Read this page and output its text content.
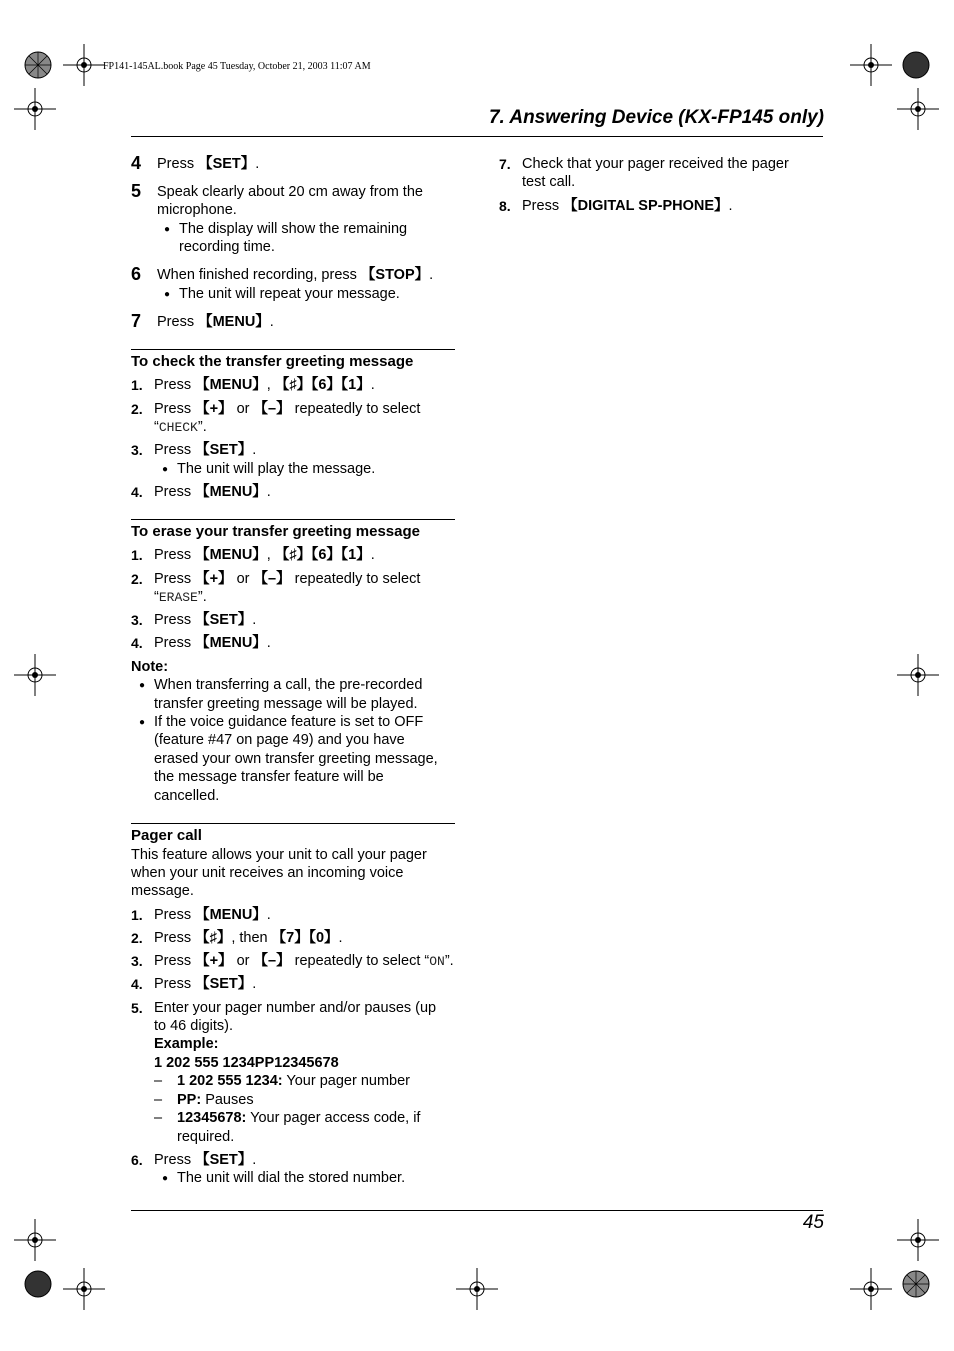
FP141-145AL.book Page 45 Tuesday, October 21, 2003 11:07 AM
7. Answering Device (KX-FP145 only)
4 Press 【SET】.
5 Speak clearly about 20 cm away from the
microphone.
● The display will show the remaining
recording time.
6 When finished recording, press 【STOP】.
● The unit will repeat your message.
7 Press 【MENU】.
To check the transfer greeting message
1. Press 【MENU】, 【♯】【6】【1】.
2. Press 【+】 or 【–】 repeatedly to select
“CHECK”.
3. Press 【SET】.
● The unit will play the message.
4. Press 【MENU】.
To erase your transfer greeting message
1. Press 【MENU】, 【♯】【6】【1】.
2. Press 【+】 or 【–】 repeatedly to select
“ERASE”.
3. Press 【SET】.
4. Press 【MENU】.
Note:
● When transferring a call, the pre-recorded
transfer greeting message will be played.
● If the voice guidance feature is set to OFF
(feature #47 on page 49) and you have
erased your own transfer greeting message,
the message transfer feature will be
cancelled.
Pager call
This feature allows your unit to call your pager
when your unit receives an incoming voice
message.
1. Press 【MENU】.
2. Press 【♯】, then 【7】【0】.
3. Press 【+】 or 【–】 repeatedly to select “ON”.
4. Press 【SET】.
5. Enter your pager number and/or pauses (up
to 46 digits).
Example:
1 202 555 1234PP12345678
– 1 202 555 1234: Your pager number
– PP: Pauses
– 12345678: Your pager access code, if
required.
6. Press 【SET】.
● The unit will dial the stored number.
7. Check that your pager received the pager
test call.
8. Press 【DIGITAL SP-PHONE】.
45
